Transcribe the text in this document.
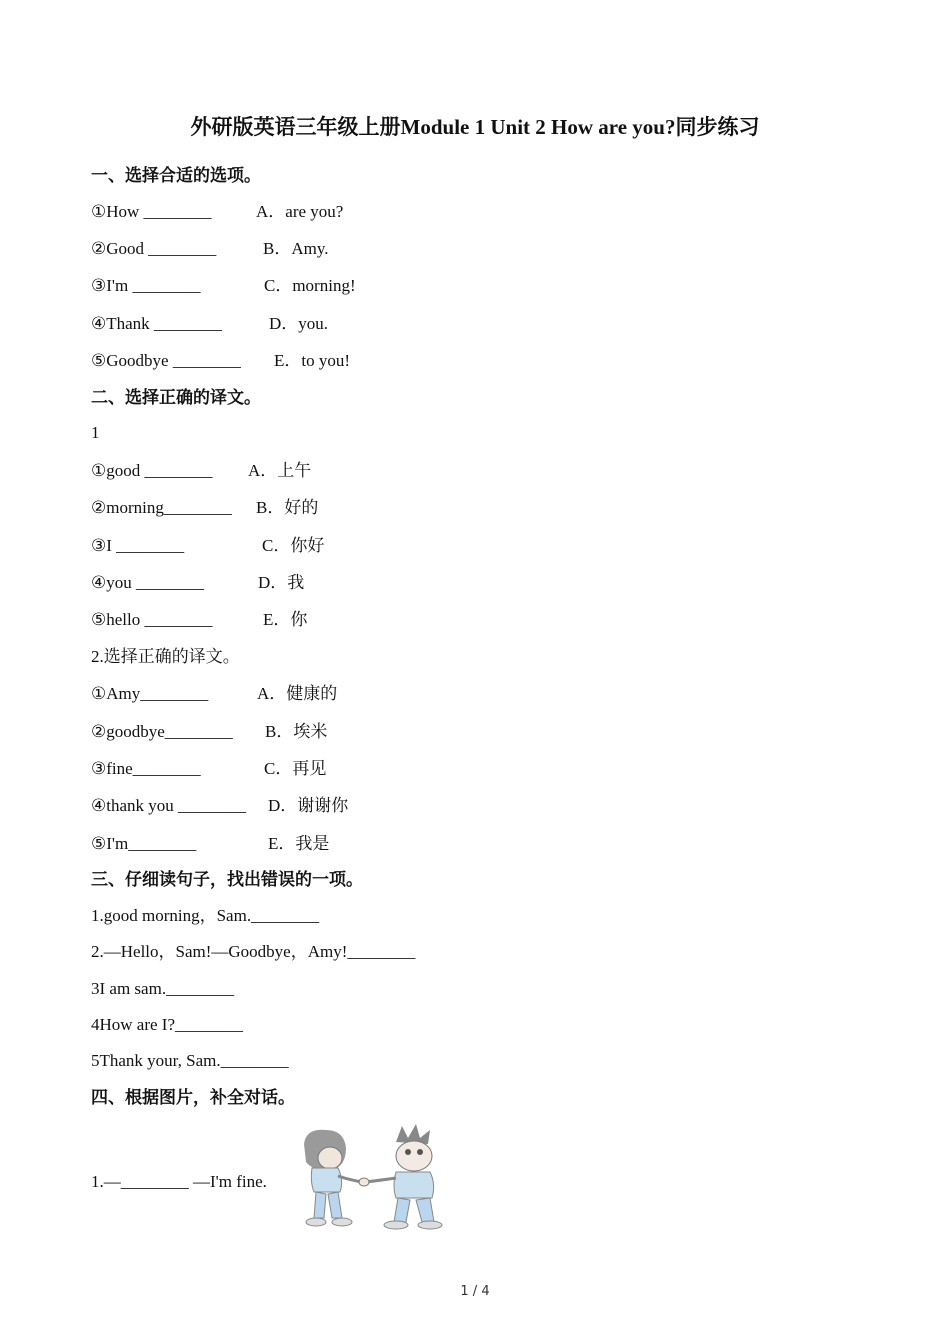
外研版英语三年级上册Module 1 Unit 2 How are you?同步练习
一、选择合适的选项。
①How ________	A．are you?
②Good ________	B．Amy.
③I'm ________	C．morning!
④Thank ________	D．you.
⑤Goodbye ________ E．to you!
二、选择正确的译文。
1
①good ________ A．上午
②morning________ B．好的
③I ________	C．你好
④you ________	D．我
⑤hello ________	E．你
2.选择正确的译文。
①Amy________	A．健康的
②goodbye________ B．埃米
③fine________	C．再见
④thank you ________ D．谢谢你
⑤I'm________	E．我是
三、仔细读句子，找出错误的一项。
1.good morning，Sam.________
2.—Hello，Sam!—Goodbye，Amy!________
3I am sam.________
4How are I?________
5Thank your, Sam.________
四、根据图片，补全对话。
1.—________ —I'm fine.
1 / 4
